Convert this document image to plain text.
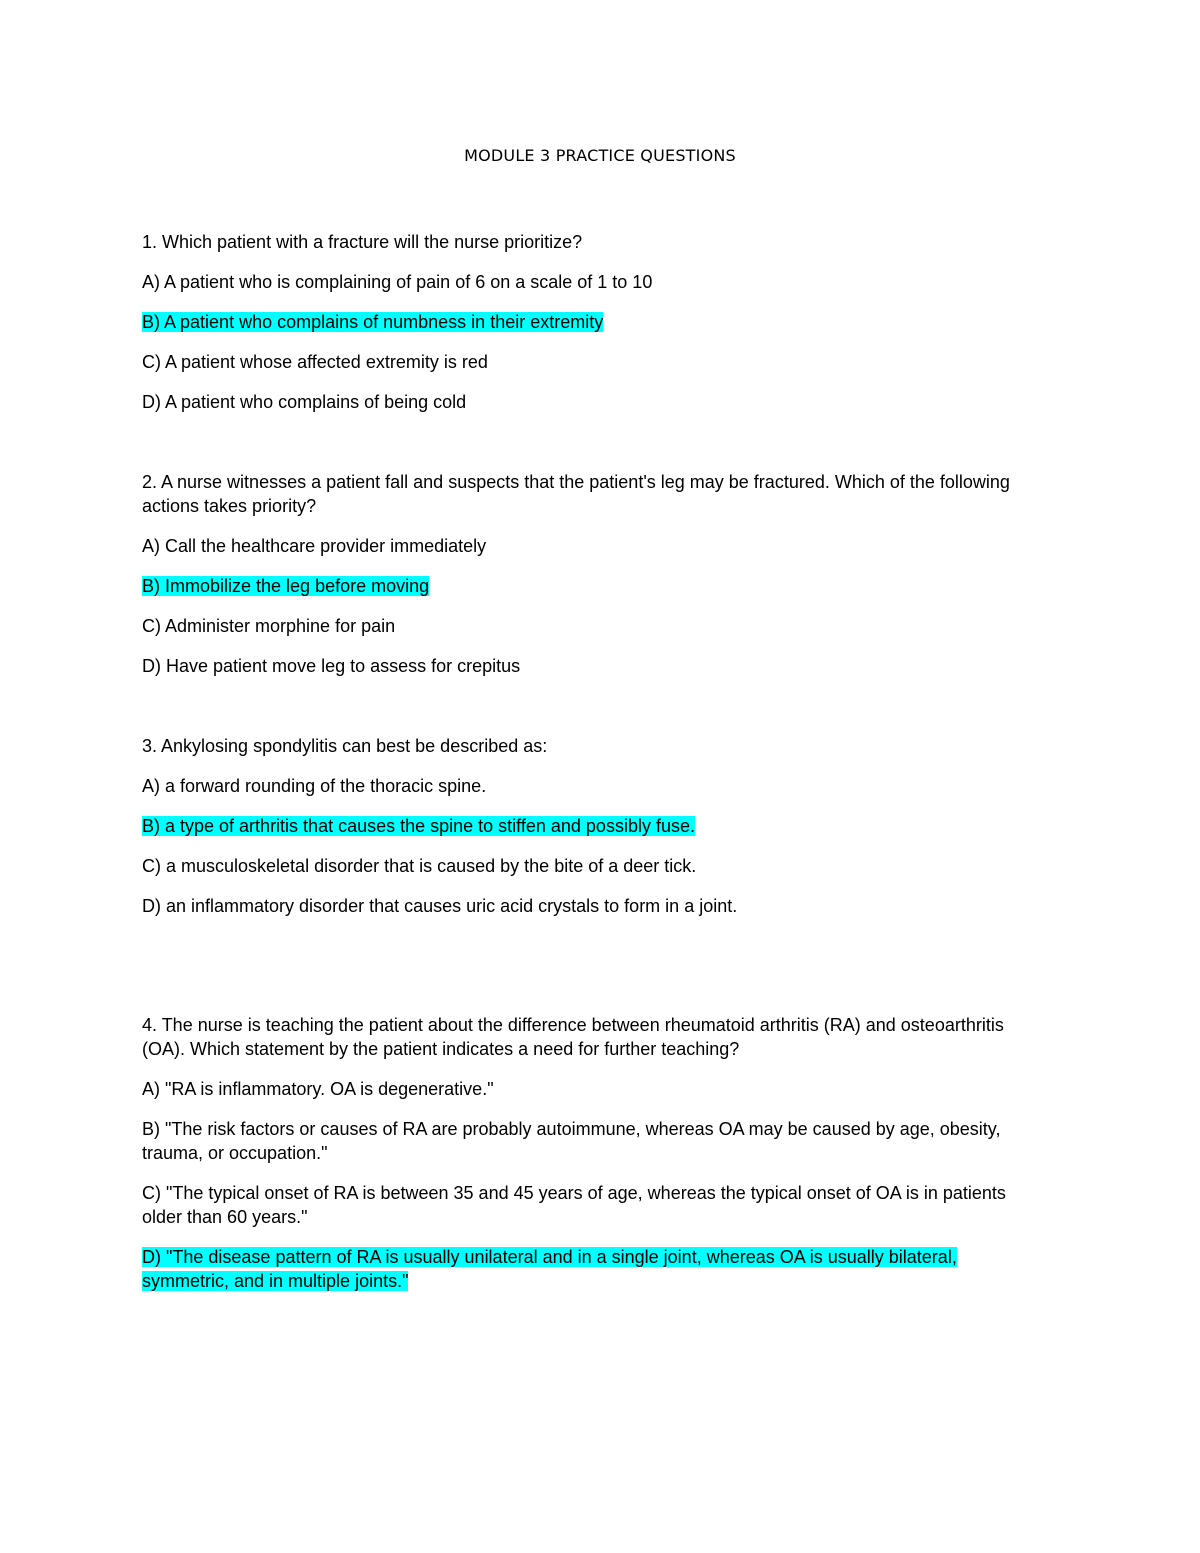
MODULE 3 PRACTICE QUESTIONS

1. Which patient with a fracture will the nurse prioritize?

A) A patient who is complaining of pain of 6 on a scale of 1 to 10

B) A patient who complains of numbness in their extremity

C) A patient whose affected extremity is red

D) A patient who complains of being cold

2. A nurse witnesses a patient fall and suspects that the patient's leg may be fractured. Which of the following actions takes priority?

A) Call the healthcare provider immediately

B) Immobilize the leg before moving

C) Administer morphine for pain

D) Have patient move leg to assess for crepitus

3. Ankylosing spondylitis can best be described as:

A) a forward rounding of the thoracic spine.

B) a type of arthritis that causes the spine to stiffen and possibly fuse.

C) a musculoskeletal disorder that is caused by the bite of a deer tick.

D) an inflammatory disorder that causes uric acid crystals to form in a joint.

4. The nurse is teaching the patient about the difference between rheumatoid arthritis (RA) and osteoarthritis (OA). Which statement by the patient indicates a need for further teaching?

A) "RA is inflammatory. OA is degenerative."

B) "The risk factors or causes of RA are probably autoimmune, whereas OA may be caused by age, obesity, trauma, or occupation."

C) "The typical onset of RA is between 35 and 45 years of age, whereas the typical onset of OA is in patients older than 60 years."

D) "The disease pattern of RA is usually unilateral and in a single joint, whereas OA is usually bilateral, symmetric, and in multiple joints."
